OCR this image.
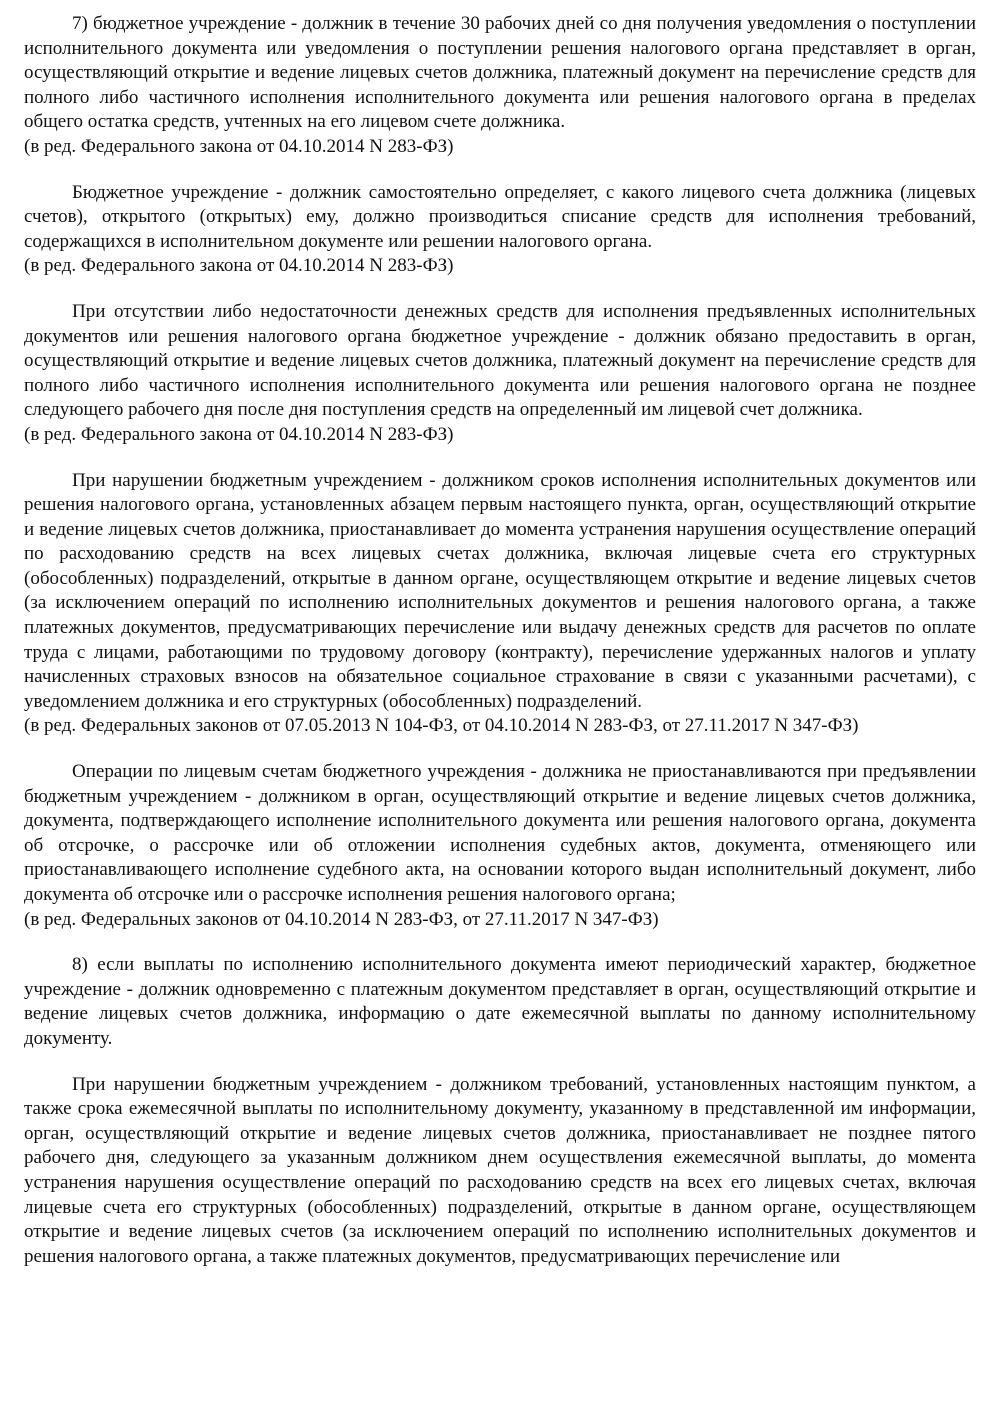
7) бюджетное учреждение - должник в течение 30 рабочих дней со дня получения уведомления о поступлении исполнительного документа или уведомления о поступлении решения налогового органа представляет в орган, осуществляющий открытие и ведение лицевых счетов должника, платежный документ на перечисление средств для полного либо частичного исполнения исполнительного документа или решения налогового органа в пределах общего остатка средств, учтенных на его лицевом счете должника.

(в ред. Федерального закона от 04.10.2014 N 283-ФЗ)

Бюджетное учреждение - должник самостоятельно определяет, с какого лицевого счета должника (лицевых счетов), открытого (открытых) ему, должно производиться списание средств для исполнения требований, содержащихся в исполнительном документе или решении налогового органа.

(в ред. Федерального закона от 04.10.2014 N 283-ФЗ)

При отсутствии либо недостаточности денежных средств для исполнения предъявленных исполнительных документов или решения налогового органа бюджетное учреждение - должник обязано предоставить в орган, осуществляющий открытие и ведение лицевых счетов должника, платежный документ на перечисление средств для полного либо частичного исполнения исполнительного документа или решения налогового органа не позднее следующего рабочего дня после дня поступления средств на определенный им лицевой счет должника.

(в ред. Федерального закона от 04.10.2014 N 283-ФЗ)

При нарушении бюджетным учреждением - должником сроков исполнения исполнительных документов или решения налогового органа, установленных абзацем первым настоящего пункта, орган, осуществляющий открытие и ведение лицевых счетов должника, приостанавливает до момента устранения нарушения осуществление операций по расходованию средств на всех лицевых счетах должника, включая лицевые счета его структурных (обособленных) подразделений, открытые в данном органе, осуществляющем открытие и ведение лицевых счетов (за исключением операций по исполнению исполнительных документов и решения налогового органа, а также платежных документов, предусматривающих перечисление или выдачу денежных средств для расчетов по оплате труда с лицами, работающими по трудовому договору (контракту), перечисление удержанных налогов и уплату начисленных страховых взносов на обязательное социальное страхование в связи с указанными расчетами), с уведомлением должника и его структурных (обособленных) подразделений.

(в ред. Федеральных законов от 07.05.2013 N 104-ФЗ, от 04.10.2014 N 283-ФЗ, от 27.11.2017 N 347-ФЗ)

Операции по лицевым счетам бюджетного учреждения - должника не приостанавливаются при предъявлении бюджетным учреждением - должником в орган, осуществляющий открытие и ведение лицевых счетов должника, документа, подтверждающего исполнение исполнительного документа или решения налогового органа, документа об отсрочке, о рассрочке или об отложении исполнения судебных актов, документа, отменяющего или приостанавливающего исполнение судебного акта, на основании которого выдан исполнительный документ, либо документа об отсрочке или о рассрочке исполнения решения налогового органа;

(в ред. Федеральных законов от 04.10.2014 N 283-ФЗ, от 27.11.2017 N 347-ФЗ)

8) если выплаты по исполнению исполнительного документа имеют периодический характер, бюджетное учреждение - должник одновременно с платежным документом представляет в орган, осуществляющий открытие и ведение лицевых счетов должника, информацию о дате ежемесячной выплаты по данному исполнительному документу.

При нарушении бюджетным учреждением - должником требований, установленных настоящим пунктом, а также срока ежемесячной выплаты по исполнительному документу, указанному в представленной им информации, орган, осуществляющий открытие и ведение лицевых счетов должника, приостанавливает не позднее пятого рабочего дня, следующего за указанным должником днем осуществления ежемесячной выплаты, до момента устранения нарушения осуществление операций по расходованию средств на всех его лицевых счетах, включая лицевые счета его структурных (обособленных) подразделений, открытые в данном органе, осуществляющем открытие и ведение лицевых счетов (за исключением операций по исполнению исполнительных документов и решения налогового органа, а также платежных документов, предусматривающих перечисление или
